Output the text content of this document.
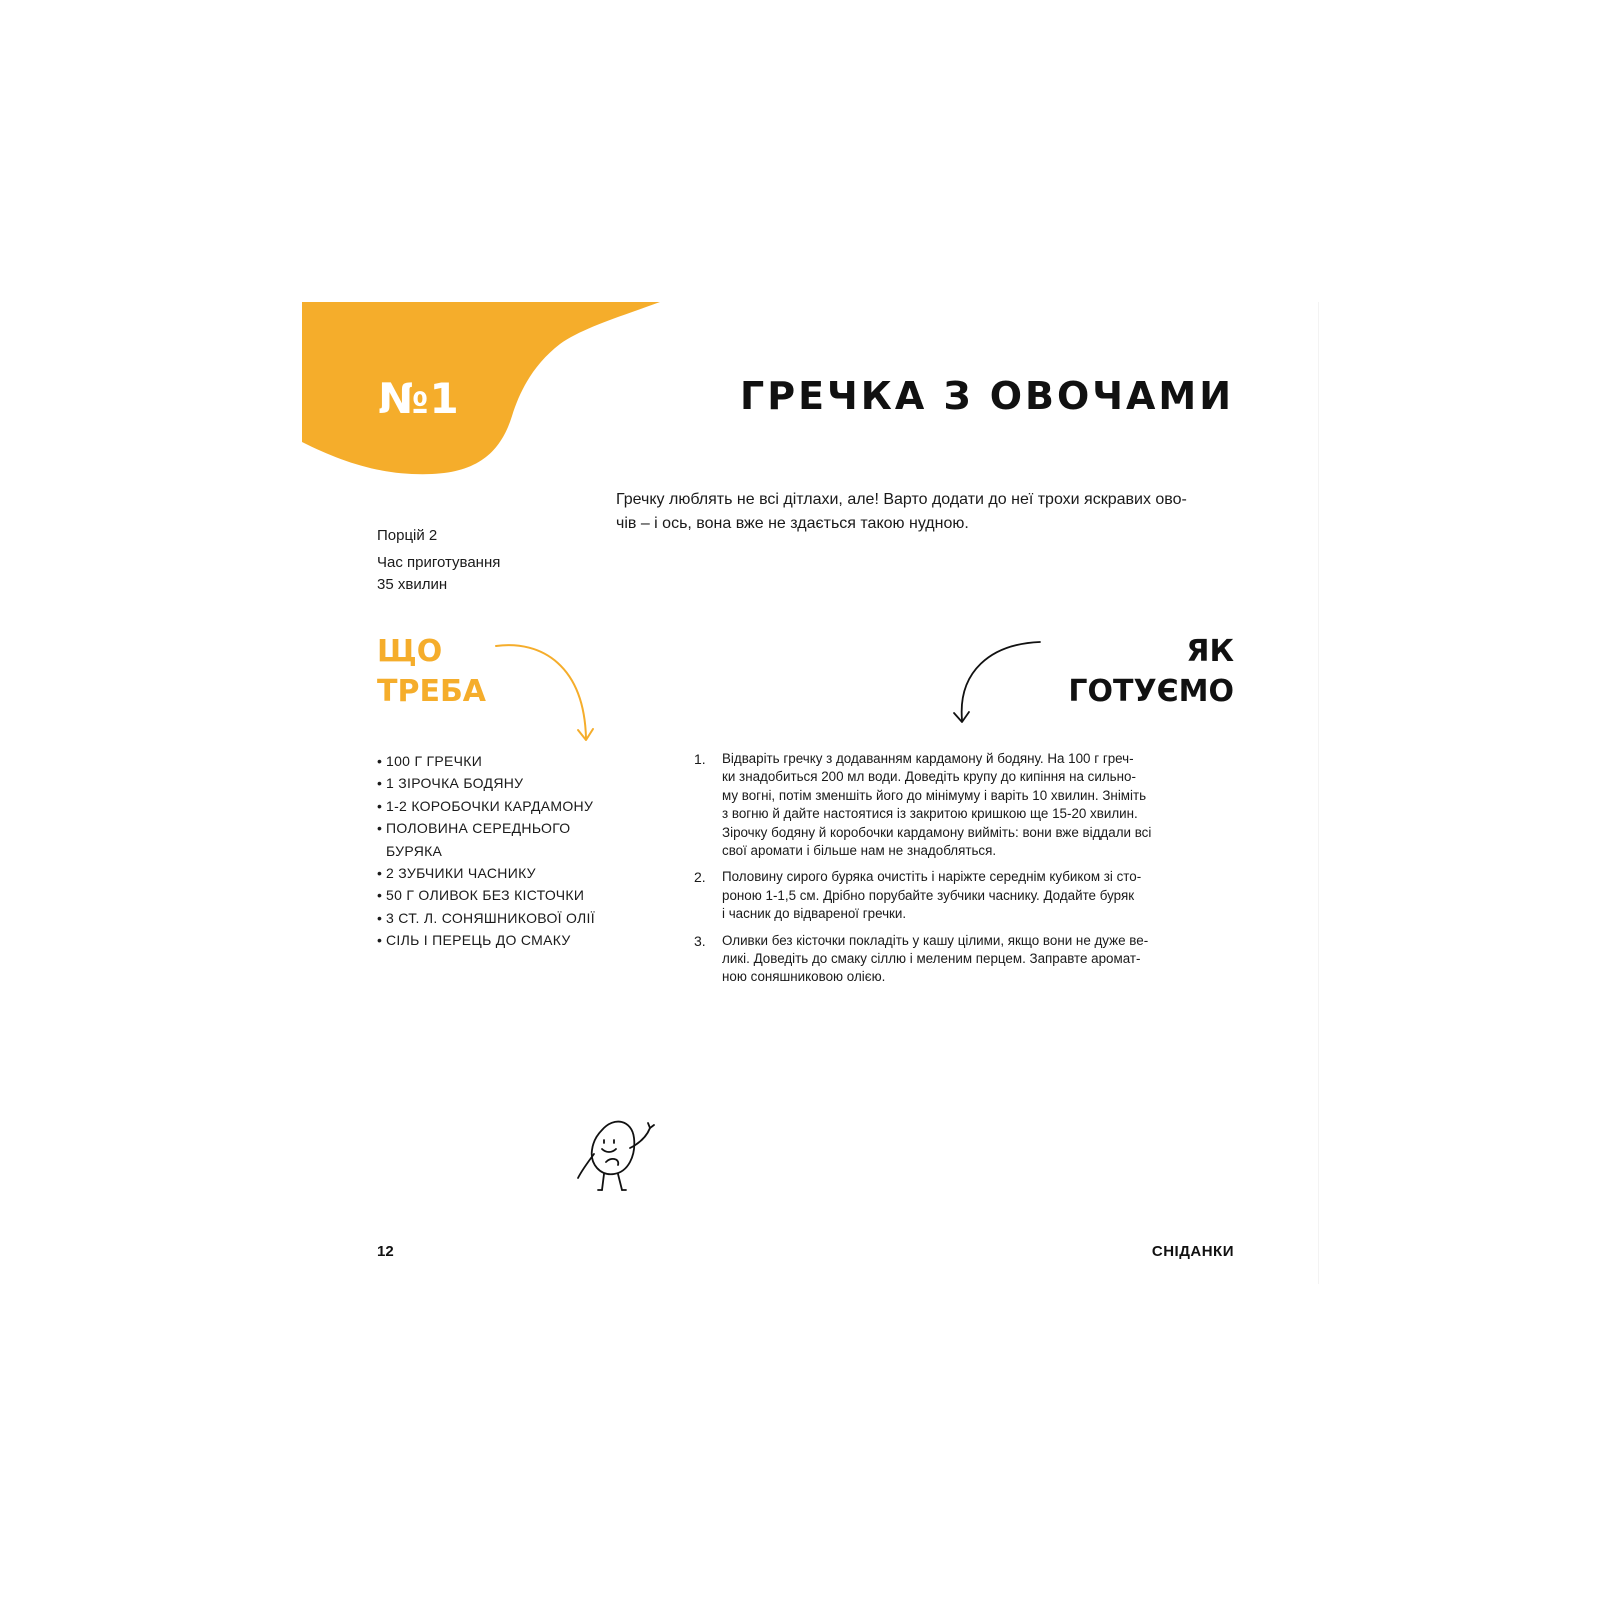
№1	ГРЕЧКА З ОВОЧАМИ
Гречку люблять не всі дітлахи, але! Варто додати до неї трохи яскравих ово-
чів – і ось, вона вже не здається такою нудною.
Порцій 2
Час приготування
35 хвилин
ЩО
ТРЕБА
ЯК
ГОТУЄМО
• 100 Г ГРЕЧКИ
• 1 ЗІРОЧКА БОДЯНУ
• 1-2 КОРОБОЧКИ КАРДАМОНУ
• ПОЛОВИНА СЕРЕДНЬОГО
БУРЯКА
• 2 ЗУБЧИКИ ЧАСНИКУ
• 50 Г ОЛИВОК БЕЗ КІСТОЧКИ
• 3 СТ. Л. СОНЯШНИКОВОЇ ОЛІЇ
• СІЛЬ І ПЕРЕЦЬ ДО СМАКУ
1. Відваріть гречку з додаванням кардамону й бодяну. На 100 г греч-
ки знадобиться 200 мл води. Доведіть крупу до кипіння на сильно-
му вогні, потім зменшіть його до мінімуму і варіть 10 хвилин. Зніміть
з вогню й дайте настоятися із закритою кришкою ще 15-20 хвилин.
Зірочку бодяну й коробочки кардамону вийміть: вони вже віддали всі
свої аромати і більше нам не знадобляться.
2. Половину сирого буряка очистіть і наріжте середнім кубиком зі сто-
роною 1-1,5 см. Дрібно порубайте зубчики часнику. Додайте буряк
і часник до відвареної гречки.
3. Оливки без кісточки покладіть у кашу цілими, якщо вони не дуже ве-
ликі. Доведіть до смаку сіллю і меленим перцем. Заправте аромат-
ною соняшниковою олією.
12	СНІДАНКИ
